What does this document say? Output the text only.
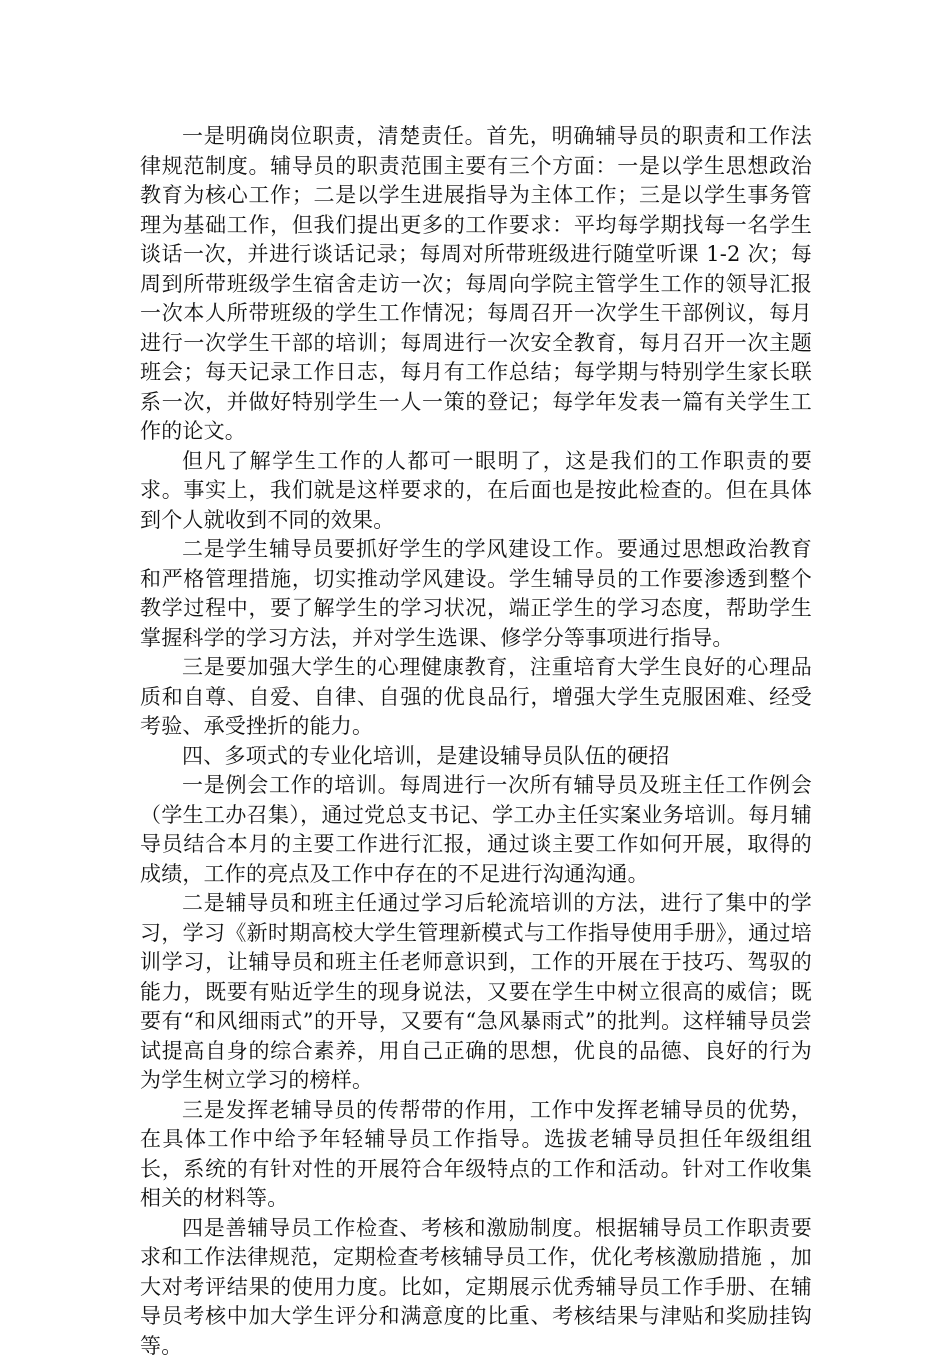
一是明确岗位职责，清楚责任。首先，明确辅导员的职责和工作法律规范制度。辅导员的职责范围主要有三个方面：一是以学生思想政治教育为核心工作；二是以学生进展指导为主体工作；三是以学生事务管理为基础工作，但我们提出更多的工作要求：平均每学期找每一名学生谈话一次，并进行谈话记录；每周对所带班级进行随堂听课 1-2 次；每周到所带班级学生宿舍走访一次；每周向学院主管学生工作的领导汇报一次本人所带班级的学生工作情况；每周召开一次学生干部例议，每月进行一次学生干部的培训；每周进行一次安全教育，每月召开一次主题班会；每天记录工作日志，每月有工作总结；每学期与特别学生家长联系一次，并做好特别学生一人一策的登记；每学年发表一篇有关学生工作的论文。

但凡了解学生工作的人都可一眼明了，这是我们的工作职责的要求。事实上，我们就是这样要求的，在后面也是按此检查的。但在具体到个人就收到不同的效果。

二是学生辅导员要抓好学生的学风建设工作。要通过思想政治教育和严格管理措施，切实推动学风建设。学生辅导员的工作要渗透到整个教学过程中，要了解学生的学习状况，端正学生的学习态度，帮助学生掌握科学的学习方法，并对学生选课、修学分等事项进行指导。

三是要加强大学生的心理健康教育，注重培育大学生良好的心理品质和自尊、自爱、自律、自强的优良品行，增强大学生克服困难、经受考验、承受挫折的能力。

四、多项式的专业化培训，是建设辅导员队伍的硬招

一是例会工作的培训。每周进行一次所有辅导员及班主任工作例会（学生工办召集），通过党总支书记、学工办主任实案业务培训。每月辅导员结合本月的主要工作进行汇报，通过谈主要工作如何开展，取得的成绩，工作的亮点及工作中存在的不足进行沟通沟通。

二是辅导员和班主任通过学习后轮流培训的方法，进行了集中的学习，学习《新时期高校大学生管理新模式与工作指导使用手册》，通过培训学习，让辅导员和班主任老师意识到，工作的开展在于技巧、驾驭的能力，既要有贴近学生的现身说法，又要在学生中树立很高的威信；既要有“和风细雨式”的开导，又要有“急风暴雨式”的批判。这样辅导员尝试提高自身的综合素养，用自己正确的思想，优良的品德、良好的行为为学生树立学习的榜样。

三是发挥老辅导员的传帮带的作用，工作中发挥老辅导员的优势，在具体工作中给予年轻辅导员工作指导。选拔老辅导员担任年级组组长，系统的有针对性的开展符合年级特点的工作和活动。针对工作收集相关的材料等。

四是善辅导员工作检查、考核和激励制度。根据辅导员工作职责要求和工作法律规范，定期检查考核辅导员工作，优化考核激励措施 ，加大对考评结果的使用力度。比如，定期展示优秀辅导员工作手册、在辅导员考核中加大学生评分和满意度的比重、考核结果与津贴和奖励挂钩等。
